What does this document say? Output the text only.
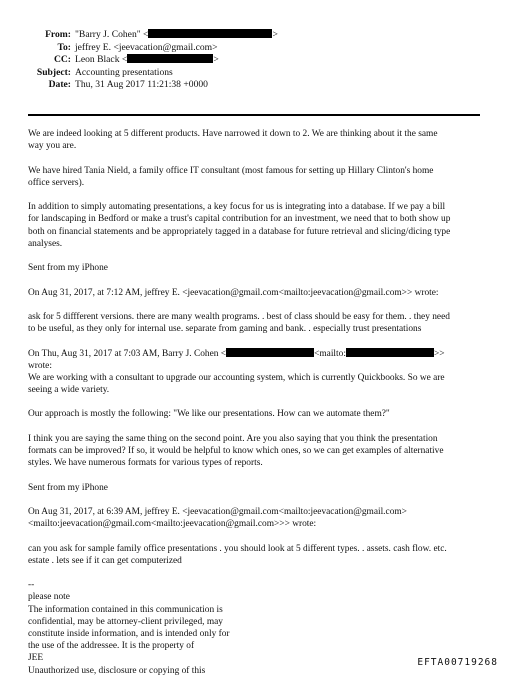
From: "Barry J. Cohen" <	>
To: jeffrey E. <jeevacation@gmail.com>
CC: Leon Black <	>
Subject: Accounting presentations
Date: Thu, 31 Aug 2017 11:21:38 +0000

We are indeed looking at 5 different products. Have narrowed it down to 2. We are thinking about it the same
way you are.

We have hired Tania Nield, a family office IT consultant (most famous for setting up Hillary Clinton's home
office servers).

In addition to simply automating presentations, a key focus for us is integrating into a database. If we pay a bill
for landscaping in Bedford or make a trust's capital contribution for an investment, we need that to both show up
both on financial statements and be appropriately tagged in a database for future retrieval and slicing/dicing type
analyses.

Sent from my iPhone

On Aug 31, 2017, at 7:12 AM, jeffrey E. <jeevacation@gmail.com<mailto:jeevacation@gmail.com>> wrote:

ask for 5 diffferent versions. there are many wealth programs. . best of class should be easy for them. . they need
to be useful, as they only for internal use. separate from gaming and bank. . especially trust presentations

On Thu, Aug 31, 2017 at 7:03 AM, Barry J. Cohen <	<mailto:	>>
wrote:
We are working with a consultant to upgrade our accounting system, which is currently Quickbooks. So we are
seeing a wide variety.

Our approach is mostly the following: "We like our presentations. How can we automate them?"

I think you are saying the same thing on the second point. Are you also saying that you think the presentation
formats can be improved? If so, it would be helpful to know which ones, so we can get examples of alternative
styles. We have numerous formats for various types of reports.

Sent from my iPhone

On Aug 31, 2017, at 6:39 AM, jeffrey E. <jeevacation@gmail.com<mailto:jeevacation@gmail.com>
<mailto:jeevacation@gmail.com<mailto:jeevacation@gmail.com>>> wrote:

can you ask for sample family office presentations . you should look at 5 different types. . assets. cash flow. etc.
estate . lets see if it can get computerized

--
please note
The information contained in this communication is
confidential, may be attorney-client privileged, may
constitute inside information, and is intended only for
the use of the addressee. It is the property of
JEE
Unauthorized use, disclosure or copying of this
EFTA00719268
